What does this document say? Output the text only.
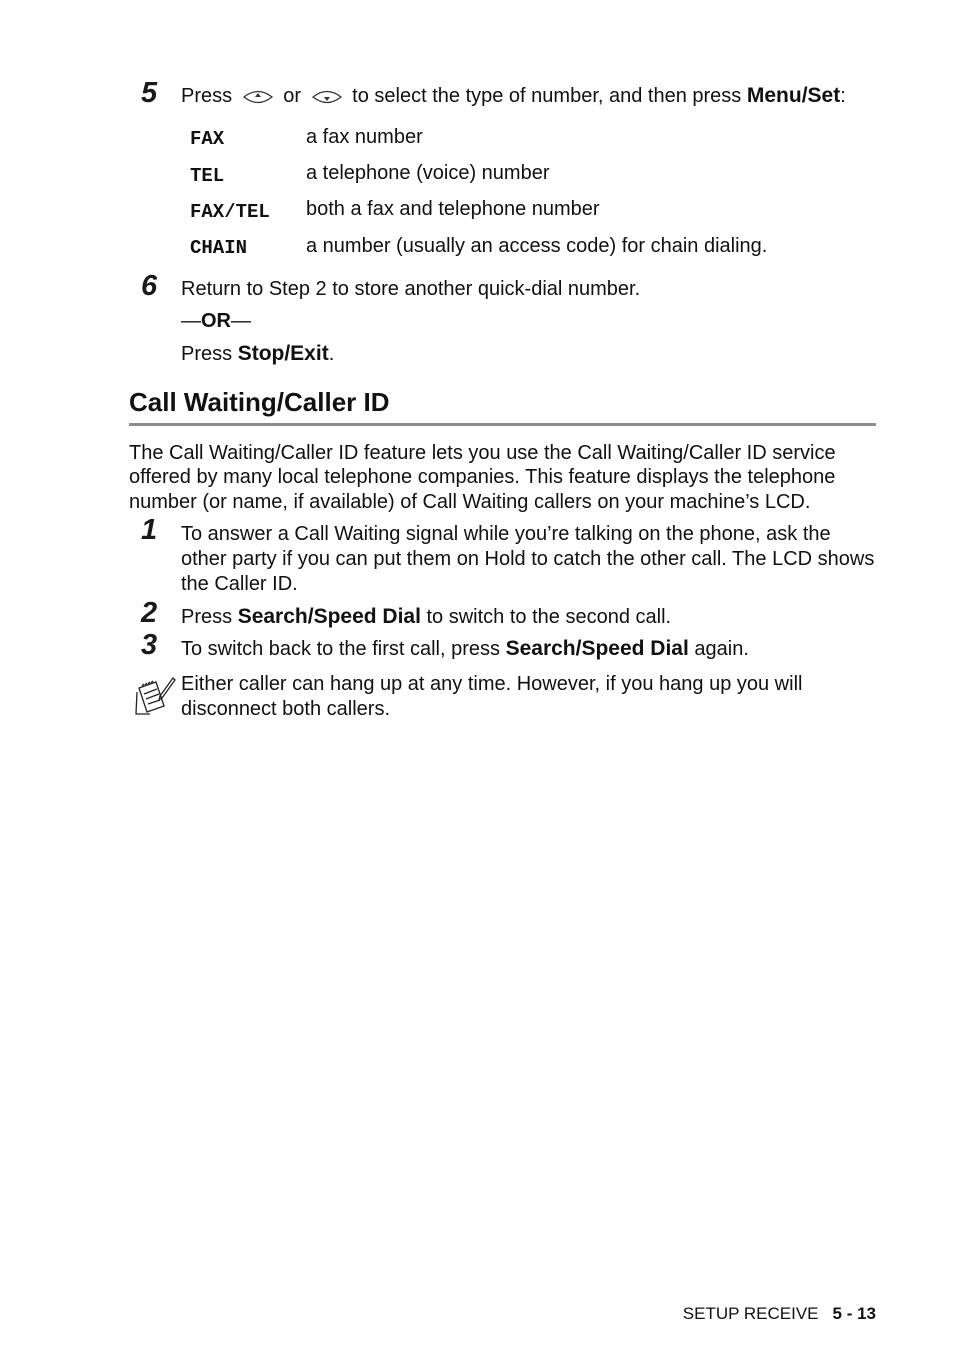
5 Press	or	to select the type of number, and then press Menu/Set:
FAX	a fax number
TEL	a telephone (voice) number
FAX/TEL both a fax and telephone number
CHAIN	a number (usually an access code) for chain dialing.
6 Return to Step 2 to store another quick-dial number.
—OR—
Press Stop/Exit.
Call Waiting/Caller ID
The Call Waiting/Caller ID feature lets you use the Call Waiting/Caller ID service
offered by many local telephone companies. This feature displays the telephone
number (or name, if available) of Call Waiting callers on your machine’s LCD.
1 To answer a Call Waiting signal while you’re talking on the phone, ask the
other party if you can put them on Hold to catch the other call. The LCD shows
the Caller ID.
2 Press Search/Speed Dial to switch to the second call.
3 To switch back to the first call, press Search/Speed Dial again.
Either caller can hang up at any time. However, if you hang up you will
disconnect both callers.
SETUP RECEIVE 5 - 13
